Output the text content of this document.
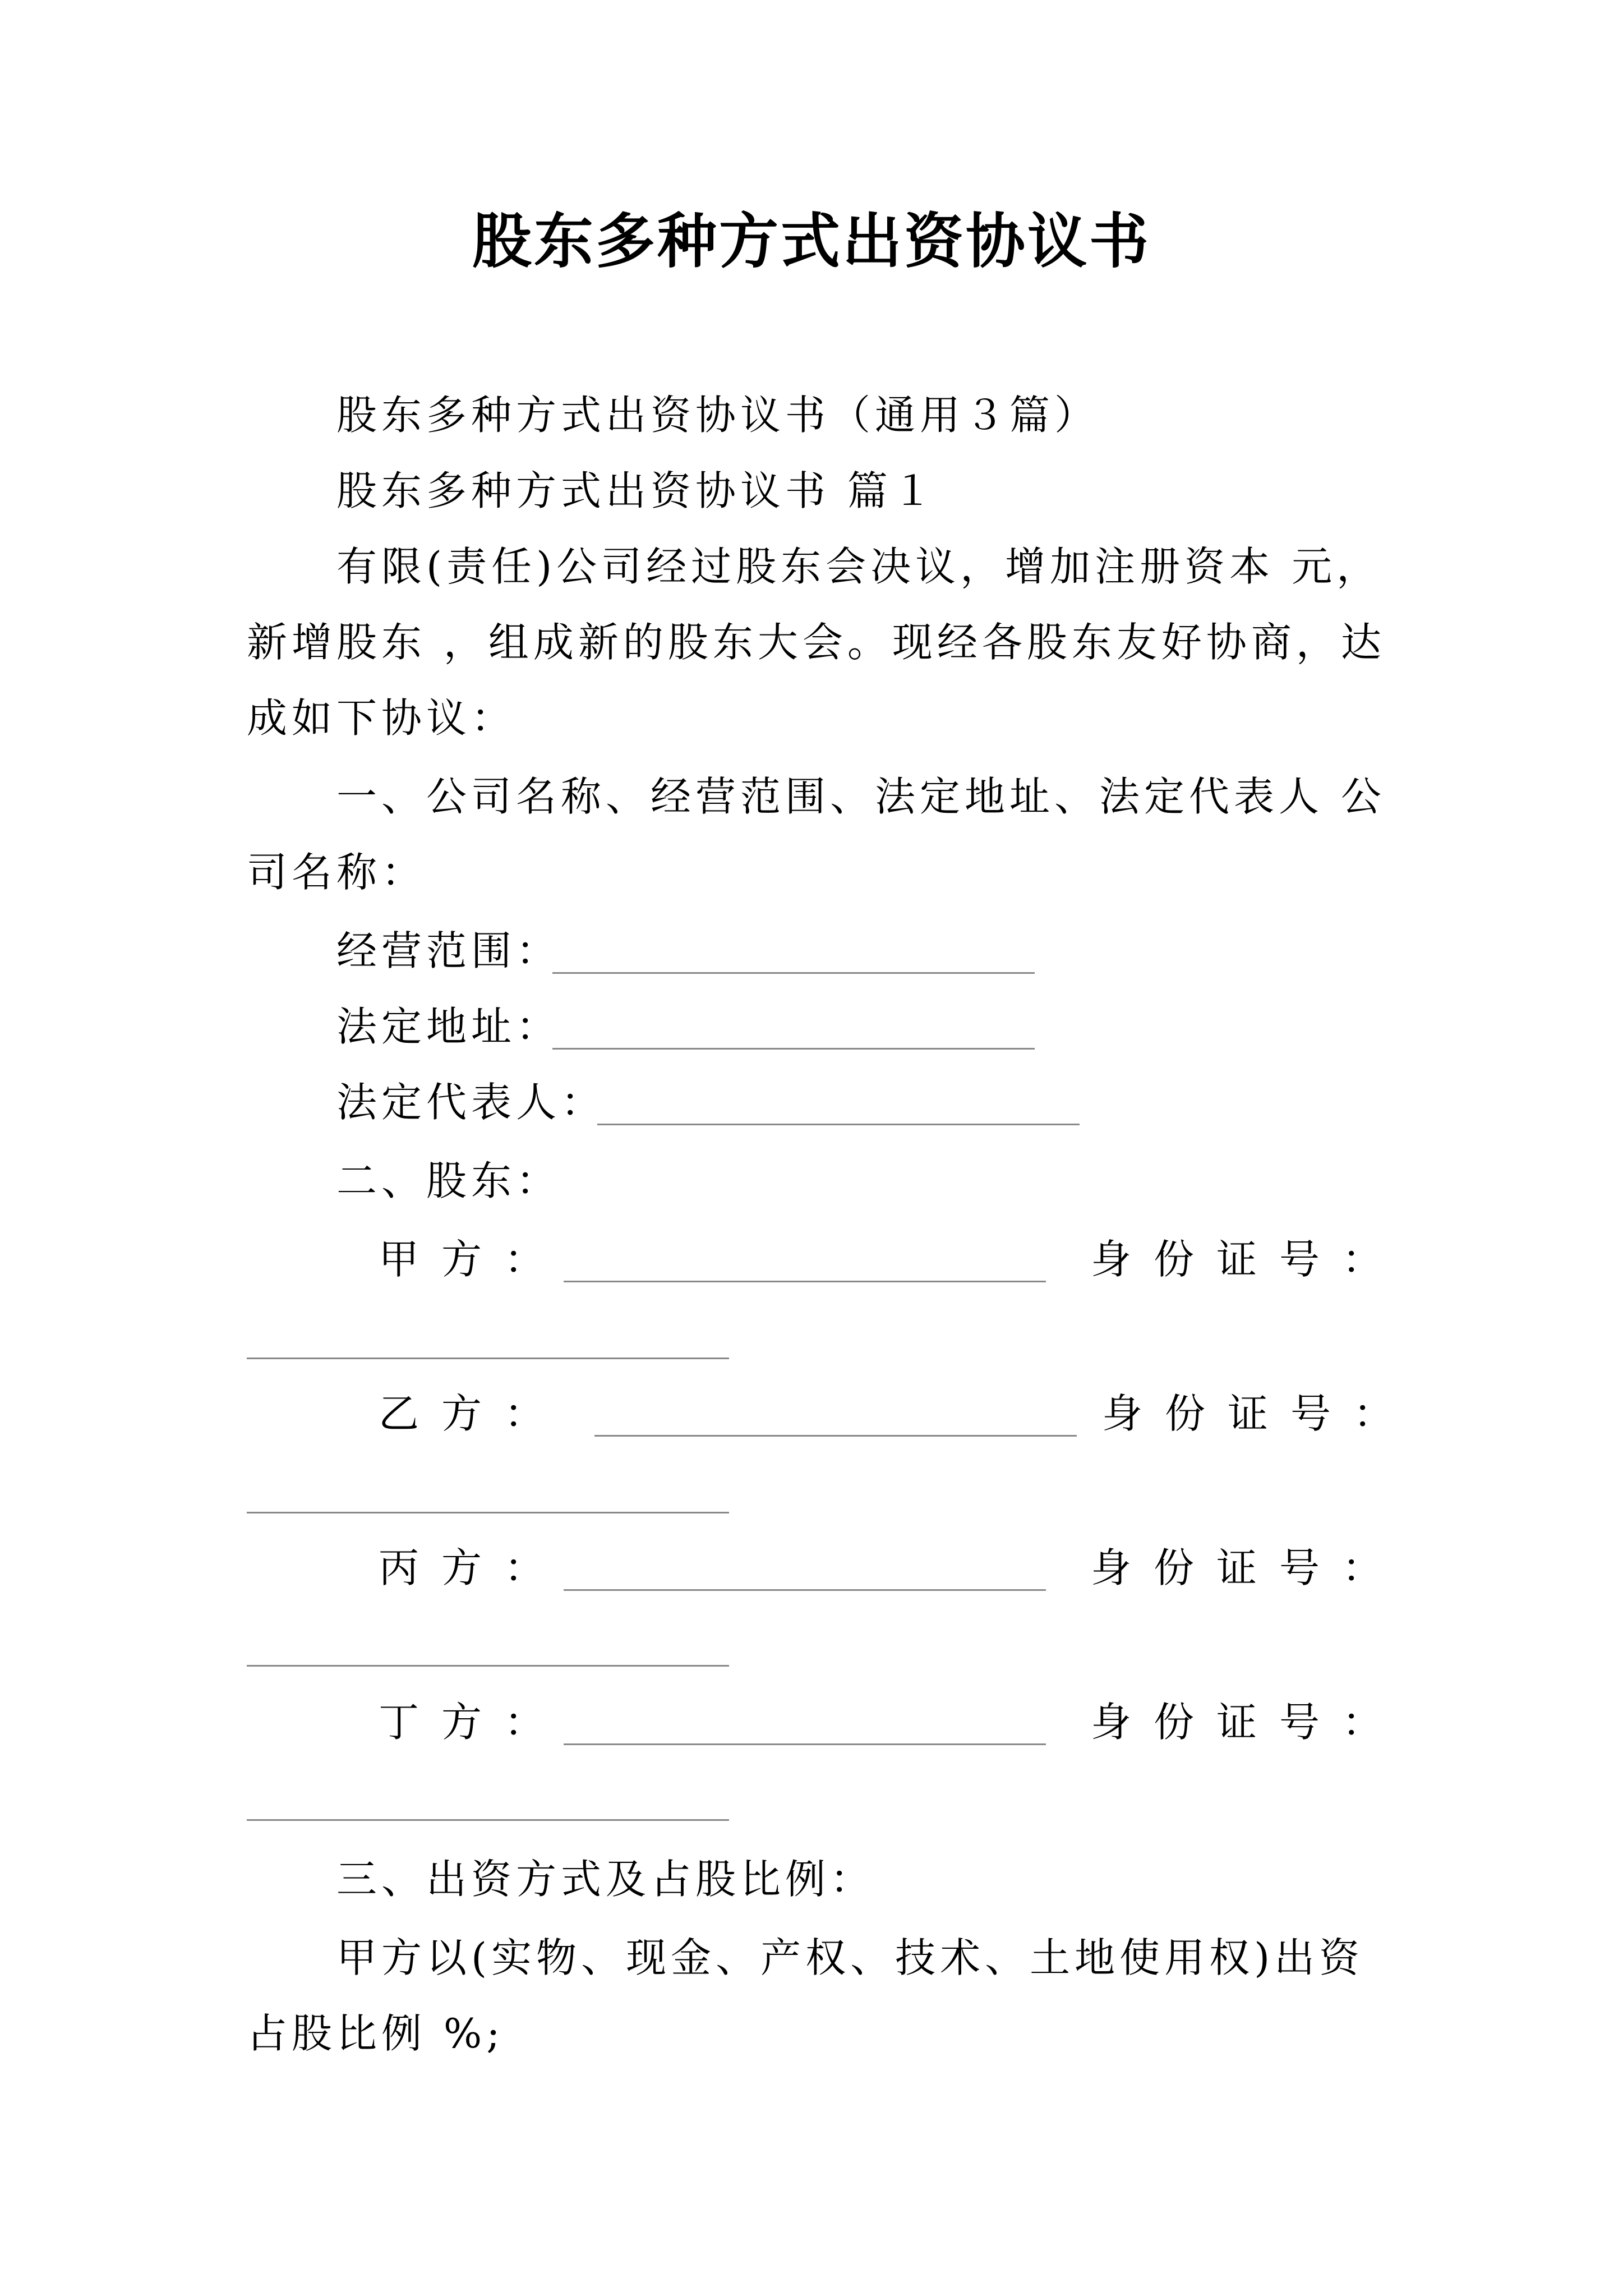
股东多种方式出资协议书
股东多种方式出资协议书（通用３篇）
股东多种方式出资协议书 篇１
有限(责任)公司经过股东会决议，增加注册资本 元，
新增股东 ，组成新的股东大会。现经各股东友好协商，达
成如下协议：
一、公司名称、经营范围、法定地址、法定代表人 公
司名称：
经营范围：
法定地址：
法定代表人：
二、股东：
甲方：	身份证号：
乙方：	身份证号：
丙方：	身份证号：
丁方：	身份证号：
三、出资方式及占股比例：
甲方以(实物、现金、产权、技术、土地使用权)出资
占股比例 %;
